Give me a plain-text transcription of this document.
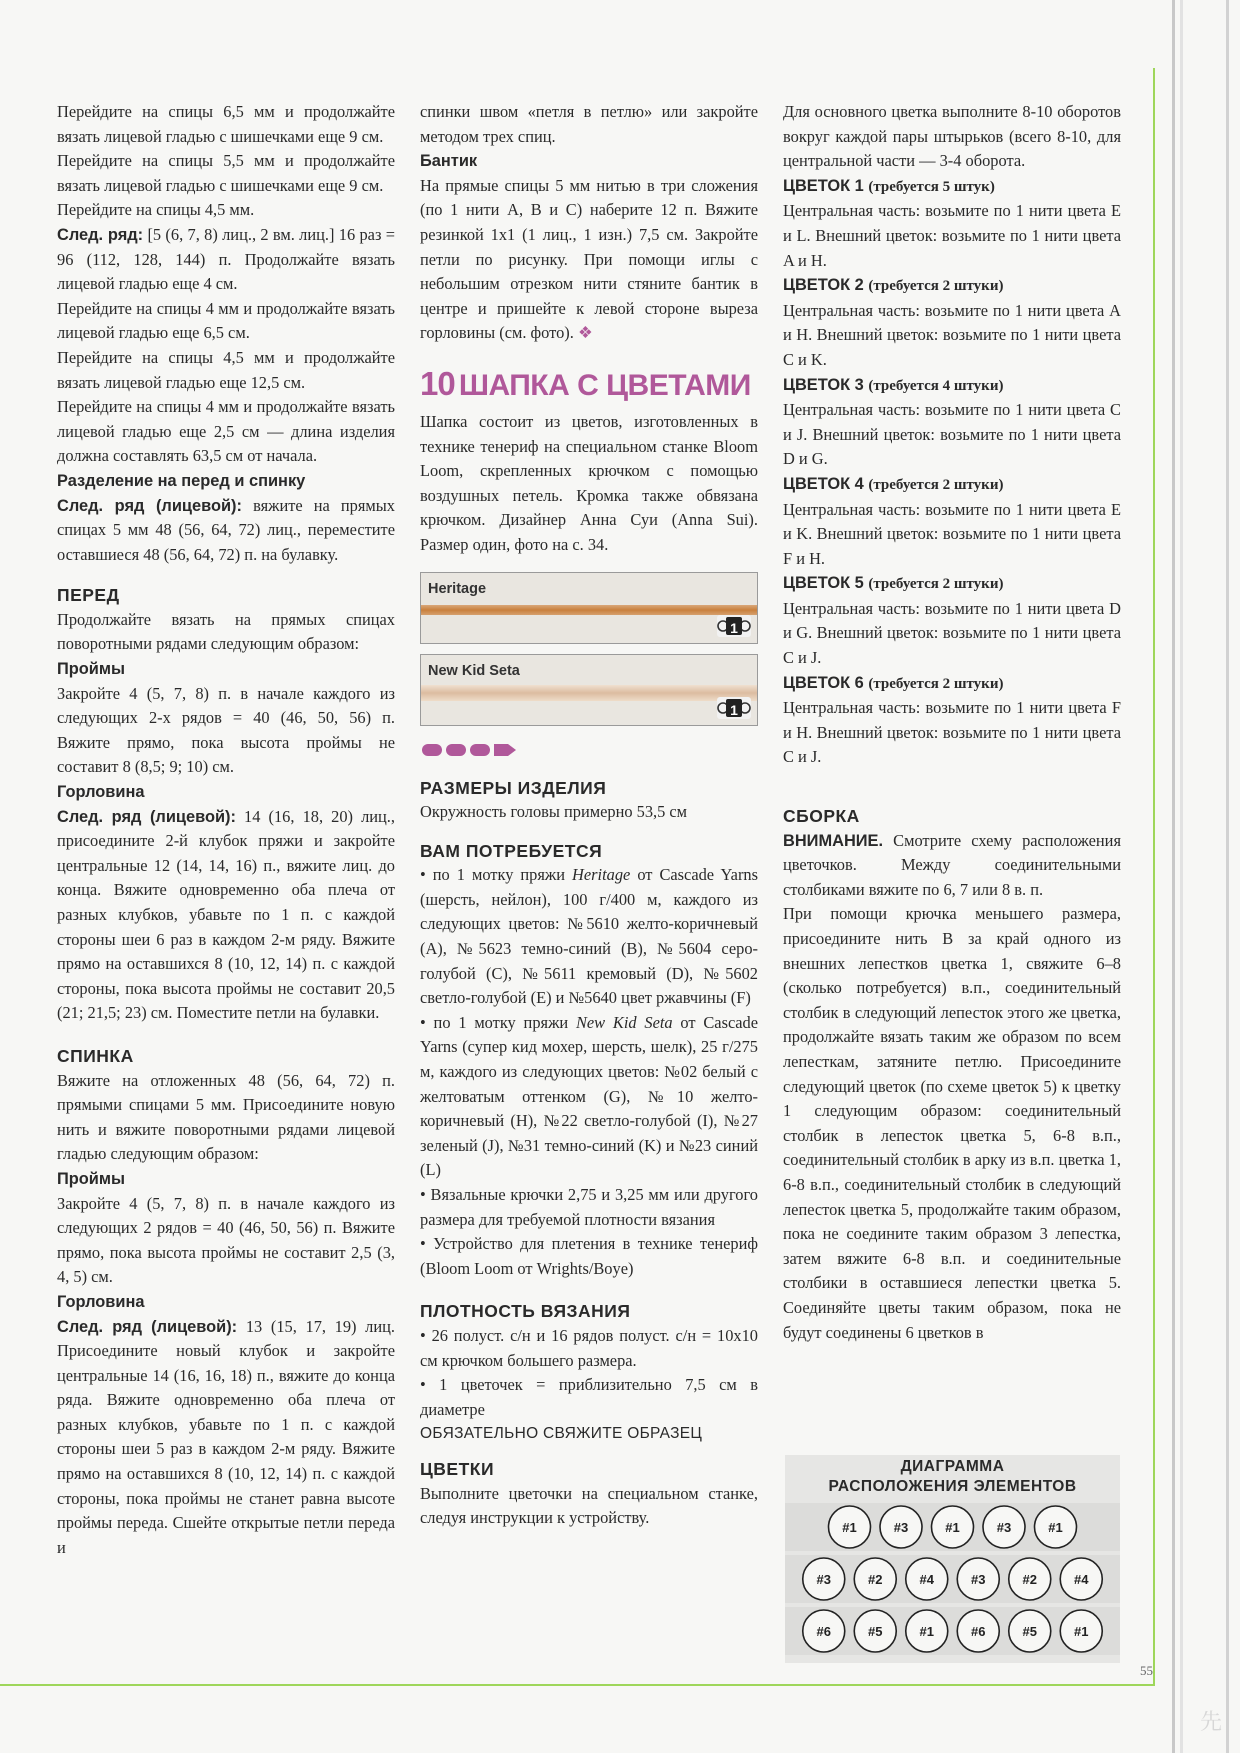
Перейдите на спицы 6,5 мм и продолжайте вязать лицевой гладью с шишечками еще 9 см.

Перейдите на спицы 5,5 мм и продолжайте вязать лицевой гладью с шишечками еще 9 см.

Перейдите на спицы 4,5 мм.

След. ряд: [5 (6, 7, 8) лиц., 2 вм. лиц.] 16 раз = 96 (112, 128, 144) п. Продолжайте вязать лицевой гладью еще 4 см.

Перейдите на спицы 4 мм и продолжайте вязать лицевой гладью еще 6,5 см.

Перейдите на спицы 4,5 мм и продолжайте вязать лицевой гладью еще 12,5 см.

Перейдите на спицы 4 мм и продолжайте вязать лицевой гладью еще 2,5 см — длина изделия должна составлять 63,5 см от начала.

Разделение на перед и спинку

След. ряд (лицевой): вяжите на прямых спицах 5 мм 48 (56, 64, 72) лиц., переместите оставшиеся 48 (56, 64, 72) п. на булавку.

ПЕРЕД

Продолжайте вязать на прямых спицах поворотными рядами следующим образом:

Проймы

Закройте 4 (5, 7, 8) п. в начале каждого из следующих 2-х рядов = 40 (46, 50, 56) п. Вяжите прямо, пока высота проймы не составит 8 (8,5; 9; 10) см.

Горловина

След. ряд (лицевой): 14 (16, 18, 20) лиц., присоедините 2-й клубок пряжи и закройте центральные 12 (14, 14, 16) п., вяжите лиц. до конца. Вяжите одновременно оба плеча от разных клубков, убавьте по 1 п. с каждой стороны шеи 6 раз в каждом 2-м ряду. Вяжите прямо на оставшихся 8 (10, 12, 14) п. с каждой стороны, пока высота проймы не составит 20,5 (21; 21,5; 23) см. Поместите петли на булавки.

СПИНКА

Вяжите на отложенных 48 (56, 64, 72) п. прямыми спицами 5 мм. Присоедините новую нить и вяжите поворотными рядами лицевой гладью следующим образом:

Проймы

Закройте 4 (5, 7, 8) п. в начале каждого из следующих 2 рядов = 40 (46, 50, 56) п. Вяжите прямо, пока высота проймы не составит 2,5 (3, 4, 5) см.

Горловина

След. ряд (лицевой): 13 (15, 17, 19) лиц. Присоедините новый клубок и закройте центральные 14 (16, 16, 18) п., вяжите до конца ряда. Вяжите одновременно оба плеча от разных клубков, убавьте по 1 п. с каждой стороны шеи 5 раз в каждом 2-м ряду. Вяжите прямо на оставшихся 8 (10, 12, 14) п. с каждой стороны, пока проймы не станет равна высоте проймы переда. Сшейте открытые петли переда и

спинки швом «петля в петлю» или закройте методом трех спиц.

Бантик

На прямые спицы 5 мм нитью в три сложения (по 1 нити A, B и C) наберите 12 п. Вяжите резинкой 1x1 (1 лиц., 1 изн.) 7,5 см. Закройте петли по рисунку. При помощи иглы с небольшим отрезком нити стяните бантик в центре и пришейте к левой стороне выреза горловины (см. фото). ❖

10 ШАПКА С ЦВЕТАМИ

Шапка состоит из цветов, изготовленных в технике тенериф на специальном станке Bloom Loom, скрепленных крючком с помощью воздушных петель. Кромка также обвязана крючком. Дизайнер Анна Суи (Anna Sui). Размер один, фото на с. 34.

Heritage
1
New Kid Seta
1
РАЗМЕРЫ ИЗДЕЛИЯ

Окружность головы примерно 53,5 см

ВАМ ПОТРЕБУЕТСЯ

• по 1 мотку пряжи Heritage от Cascade Yarns (шерсть, нейлон), 100 г/400 м, каждого из следующих цветов: №5610 желто-коричневый (A), №5623 темно-синий (B), №5604 серо-голубой (C), №5611 кремовый (D), №5602 светло-голубой (E) и №5640 цвет ржавчины (F)

• по 1 мотку пряжи New Kid Seta от Cascade Yarns (супер кид мохер, шерсть, шелк), 25 г/275 м, каждого из следующих цветов: №02 белый с желтоватым оттенком (G), №10 желто-коричневый (H), №22 светло-голубой (I), №27 зеленый (J), №31 темно-синий (K) и №23 синий (L)

• Вязальные крючки 2,75 и 3,25 мм или другого размера для требуемой плотности вязания

• Устройство для плетения в технике тенериф (Bloom Loom от Wrights/Boye)

ПЛОТНОСТЬ ВЯЗАНИЯ

• 26 полуст. с/н и 16 рядов полуст. с/н = 10x10 см крючком большего размера.

• 1 цветочек = приблизительно 7,5 см в диаметре

ОБЯЗАТЕЛЬНО СВЯЖИТЕ ОБРАЗЕЦ

ЦВЕТКИ

Выполните цветочки на специальном станке, следуя инструкции к устройству.

Для основного цветка выполните 8-10 оборотов вокруг каждой пары штырьков (всего 8-10, для центральной части — 3-4 оборота.

ЦВЕТОК 1 (требуется 5 штук)

Центральная часть: возьмите по 1 нити цвета E и L. Внешний цветок: возьмите по 1 нити цвета A и H.

ЦВЕТОК 2 (требуется 2 штуки)

Центральная часть: возьмите по 1 нити цвета A и H. Внешний цветок: возьмите по 1 нити цвета C и K.

ЦВЕТОК 3 (требуется 4 штуки)

Центральная часть: возьмите по 1 нити цвета C и J. Внешний цветок: возьмите по 1 нити цвета D и G.

ЦВЕТОК 4 (требуется 2 штуки)

Центральная часть: возьмите по 1 нити цвета E и K. Внешний цветок: возьмите по 1 нити цвета F и H.

ЦВЕТОК 5 (требуется 2 штуки)

Центральная часть: возьмите по 1 нити цвета D и G. Внешний цветок: возьмите по 1 нити цвета C и J.

ЦВЕТОК 6 (требуется 2 штуки)

Центральная часть: возьмите по 1 нити цвета F и H. Внешний цветок: возьмите по 1 нити цвета C и J.

СБОРКА

ВНИМАНИЕ. Смотрите схему расположения цветочков. Между соединительными столбиками вяжите по 6, 7 или 8 в. п.

При помощи крючка меньшего размера, присоедините нить B за край одного из внешних лепестков цветка 1, свяжите 6–8 (сколько потребуется) в.п., соединительный столбик в следующий лепесток этого же цветка, продолжайте вязать таким же образом по всем лепесткам, затяните петлю. Присоедините следующий цветок (по схеме цветок 5) к цветку 1 следующим образом: соединительный столбик в лепесток цветка 5, 6-8 в.п., соединительный столбик в арку из в.п. цветка 1, 6-8 в.п., соединительный столбик в следующий лепесток цветка 5, продолжайте таким образом, пока не соедините таким образом 3 лепестка, затем вяжите 6-8 в.п. и соединительные столбики в оставшиеся лепестки цветка 5. Соединяйте цветы таким образом, пока не будут соединены 6 цветков в

ДИАГРАММА
РАСПОЛОЖЕНИЯ ЭЛЕМЕНТОВ
#1	#3	#1	#3	#1
#3	#2	#4	#3	#2	#4
#6	#5	#1	#6	#5	#1
55
先
